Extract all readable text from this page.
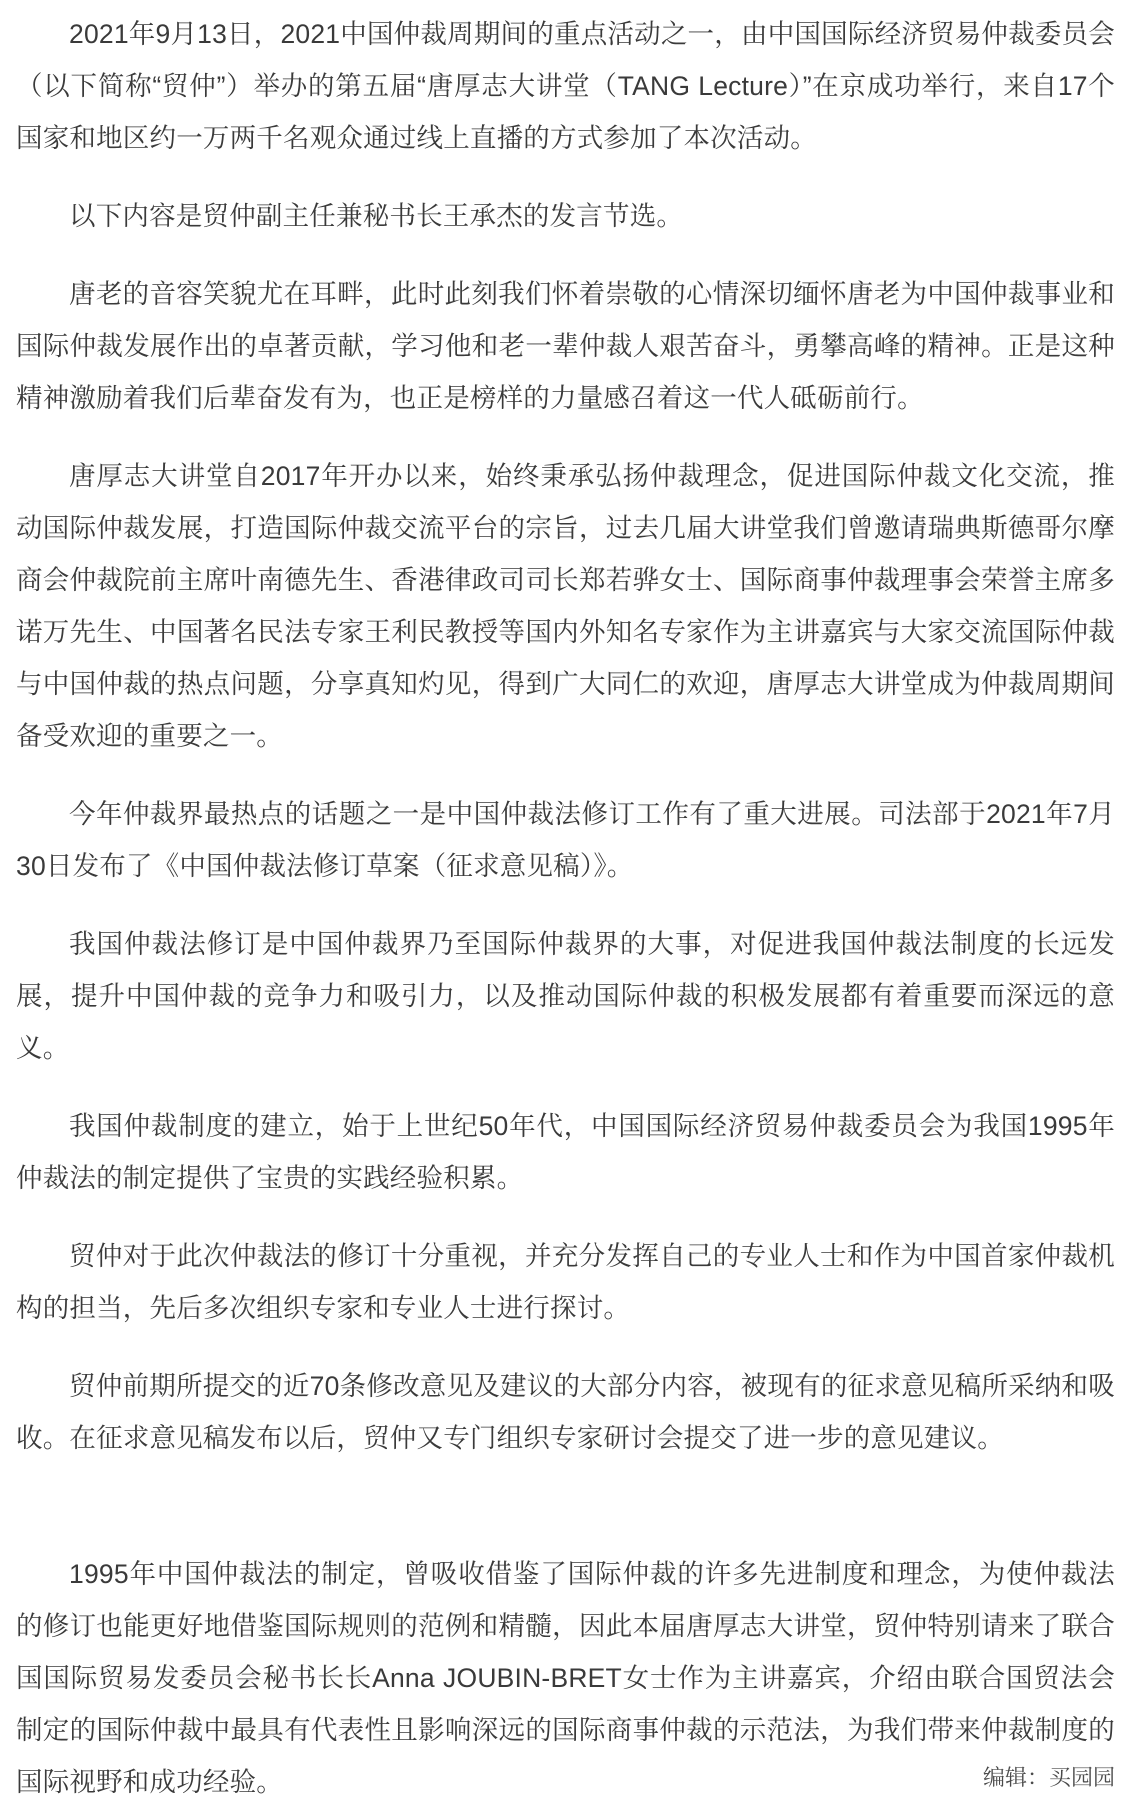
2021年9月13日，2021中国仲裁周期间的重点活动之一，由中国国际经济贸易仲裁委员会（以下简称“贸仲”）举办的第五届“唐厚志大讲堂（TANG Lecture）”在京成功举行，来自17个国家和地区约一万两千名观众通过线上直播的方式参加了本次活动。

以下内容是贸仲副主任兼秘书长王承杰的发言节选。

唐老的音容笑貌尤在耳畔，此时此刻我们怀着崇敬的心情深切缅怀唐老为中国仲裁事业和国际仲裁发展作出的卓著贡献，学习他和老一辈仲裁人艰苦奋斗，勇攀高峰的精神。正是这种精神激励着我们后辈奋发有为，也正是榜样的力量感召着这一代人砥砺前行。

唐厚志大讲堂自2017年开办以来，始终秉承弘扬仲裁理念，促进国际仲裁文化交流，推动国际仲裁发展，打造国际仲裁交流平台的宗旨，过去几届大讲堂我们曾邀请瑞典斯德哥尔摩商会仲裁院前主席叶南德先生、香港律政司司长郑若骅女士、国际商事仲裁理事会荣誉主席多诺万先生、中国著名民法专家王利民教授等国内外知名专家作为主讲嘉宾与大家交流国际仲裁与中国仲裁的热点问题，分享真知灼见，得到广大同仁的欢迎，唐厚志大讲堂成为仲裁周期间备受欢迎的重要之一。

今年仲裁界最热点的话题之一是中国仲裁法修订工作有了重大进展。司法部于2021年7月30日发布了《中国仲裁法修订草案（征求意见稿）》。

我国仲裁法修订是中国仲裁界乃至国际仲裁界的大事，对促进我国仲裁法制度的长远发展，提升中国仲裁的竞争力和吸引力，以及推动国际仲裁的积极发展都有着重要而深远的意义。

我国仲裁制度的建立，始于上世纪50年代，中国国际经济贸易仲裁委员会为我国1995年仲裁法的制定提供了宝贵的实践经验积累。

贸仲对于此次仲裁法的修订十分重视，并充分发挥自己的专业人士和作为中国首家仲裁机构的担当，先后多次组织专家和专业人士进行探讨。

贸仲前期所提交的近70条修改意见及建议的大部分内容，被现有的征求意见稿所采纳和吸收。在征求意见稿发布以后，贸仲又专门组织专家研讨会提交了进一步的意见建议。

1995年中国仲裁法的制定，曾吸收借鉴了国际仲裁的许多先进制度和理念，为使仲裁法的修订也能更好地借鉴国际规则的范例和精髓，因此本届唐厚志大讲堂，贸仲特别请来了联合国国际贸易发委员会秘书长长Anna JOUBIN-BRET女士作为主讲嘉宾，介绍由联合国贸法会制定的国际仲裁中最具有代表性且影响深远的国际商事仲裁的示范法，为我们带来仲裁制度的国际视野和成功经验。	编辑：买园园
